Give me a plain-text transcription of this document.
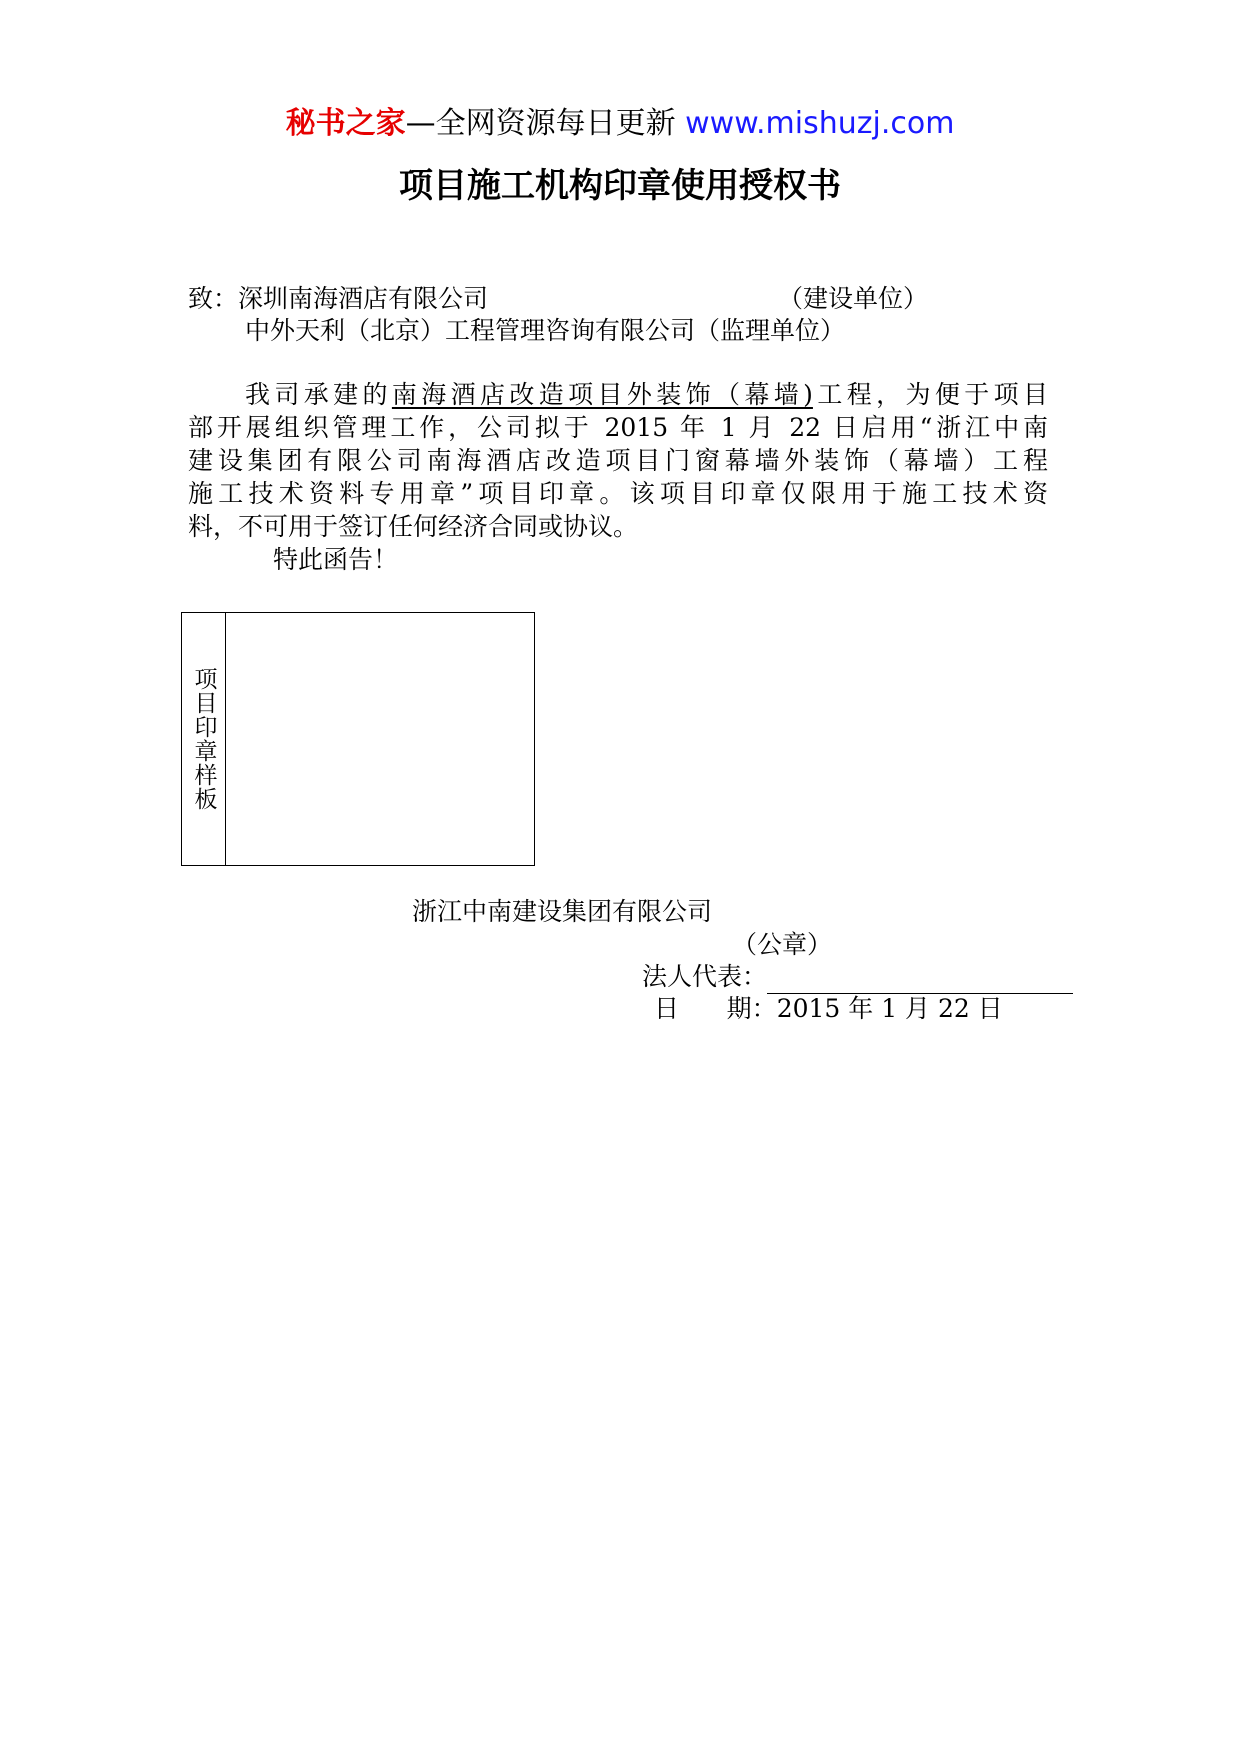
秘书之家—全网资源每日更新 www.mishuzj.com
项目施工机构印章使用授权书
致：深圳南海酒店有限公司	（建设单位）
中外天利（北京）工程管理咨询有限公司（监理单位）
我司承建的南海酒店改造项目外装饰（幕墙)工程，为便于项目
部开展组织管理工作，公司拟于 2015 年 1 月 22 日启用“浙江中南
建设集团有限公司南海酒店改造项目门窗幕墙外装饰（幕墙）工程
施工技术资料专用章”项目印章。该项目印章仅限用于施工技术资
料，不可用于签订任何经济合同或协议。
特此函告！
项目印章样板
浙江中南建设集团有限公司
（公章）
法人代表：
日      期：2015 年 1 月 22 日
